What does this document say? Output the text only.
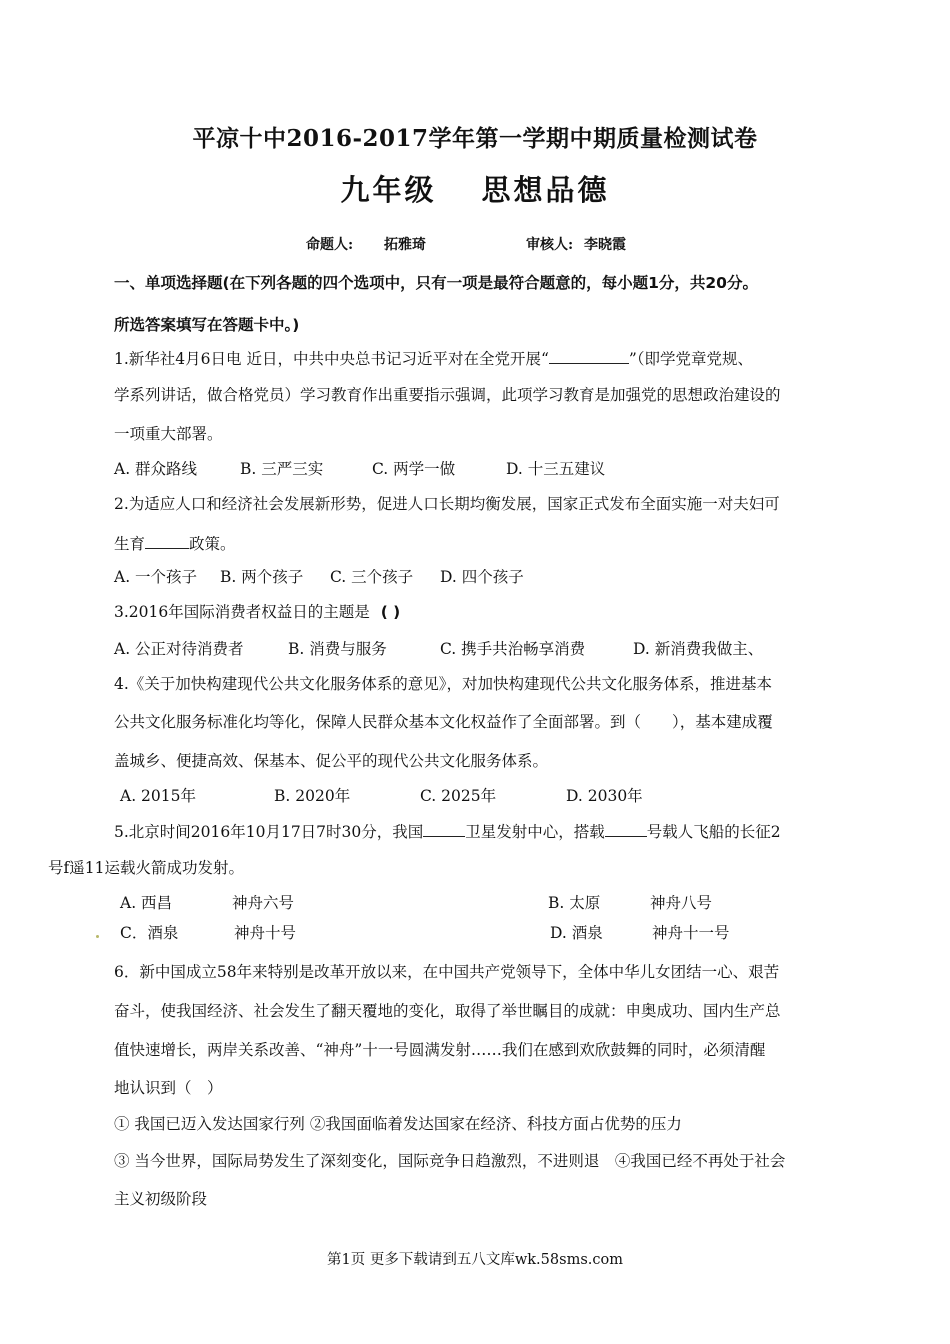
平凉十中2016-2017学年第一学期中期质量检测试卷
九年级　 思想品德
命题人: 拓雅琦	审核人: 李晓霞
一、单项选择题(在下列各题的四个选项中，只有一项是最符合题意的，每小题1分，共20分。
所选答案填写在答题卡中。)
1.新华社4月6日电 近日，中共中央总书记习近平对在全党开展“	”（即学党章党规、
学系列讲话，做合格党员）学习教育作出重要指示强调，此项学习教育是加强党的思想政治建设的
一项重大部署。
A. 群众路线	B. 三严三实	C. 两学一做	D. 十三五建议
2.为适应人口和经济社会发展新形势，促进人口长期均衡发展，国家正式发布全面实施一对夫妇可
生育	政策。
A. 一个孩子 B. 两个孩子 C. 三个孩子 D. 四个孩子
3.2016年国际消费者权益日的主题是 ( )
A. 公正对待消费者	B. 消费与服务	C. 携手共治畅享消费	D. 新消费我做主、
4.《关于加快构建现代公共文化服务体系的意见》，对加快构建现代公共文化服务体系，推进基本
公共文化服务标准化均等化，保障人民群众基本文化权益作了全面部署。到（　　），基本建成覆
盖城乡、便捷高效、保基本、促公平的现代公共文化服务体系。
A. 2015年	B. 2020年	C. 2025年	D. 2030年
5.北京时间2016年10月17日7时30分，我国	卫星发射中心，搭载	号载人飞船的长征2
号f遥11运载火箭成功发射。
A. 西昌	神舟六号	B. 太原	神舟八号
C．酒泉	神舟十号	D. 酒泉	神舟十一号
6．新中国成立58年来特别是改革开放以来，在中国共产党领导下，全体中华儿女团结一心、艰苦
奋斗，使我国经济、社会发生了翻天覆地的变化，取得了举世瞩目的成就：申奥成功、国内生产总
值快速增长，两岸关系改善、“神舟”十一号圆满发射……我们在感到欢欣鼓舞的同时，必须清醒
地认识到（　）
① 我国已迈入发达国家行列 ②我国面临着发达国家在经济、科技方面占优势的压力
③ 当今世界，国际局势发生了深刻变化，国际竞争日趋激烈，不进则退　④我国已经不再处于社会
主义初级阶段
第1页 更多下载请到五八文库wk.58sms.com
